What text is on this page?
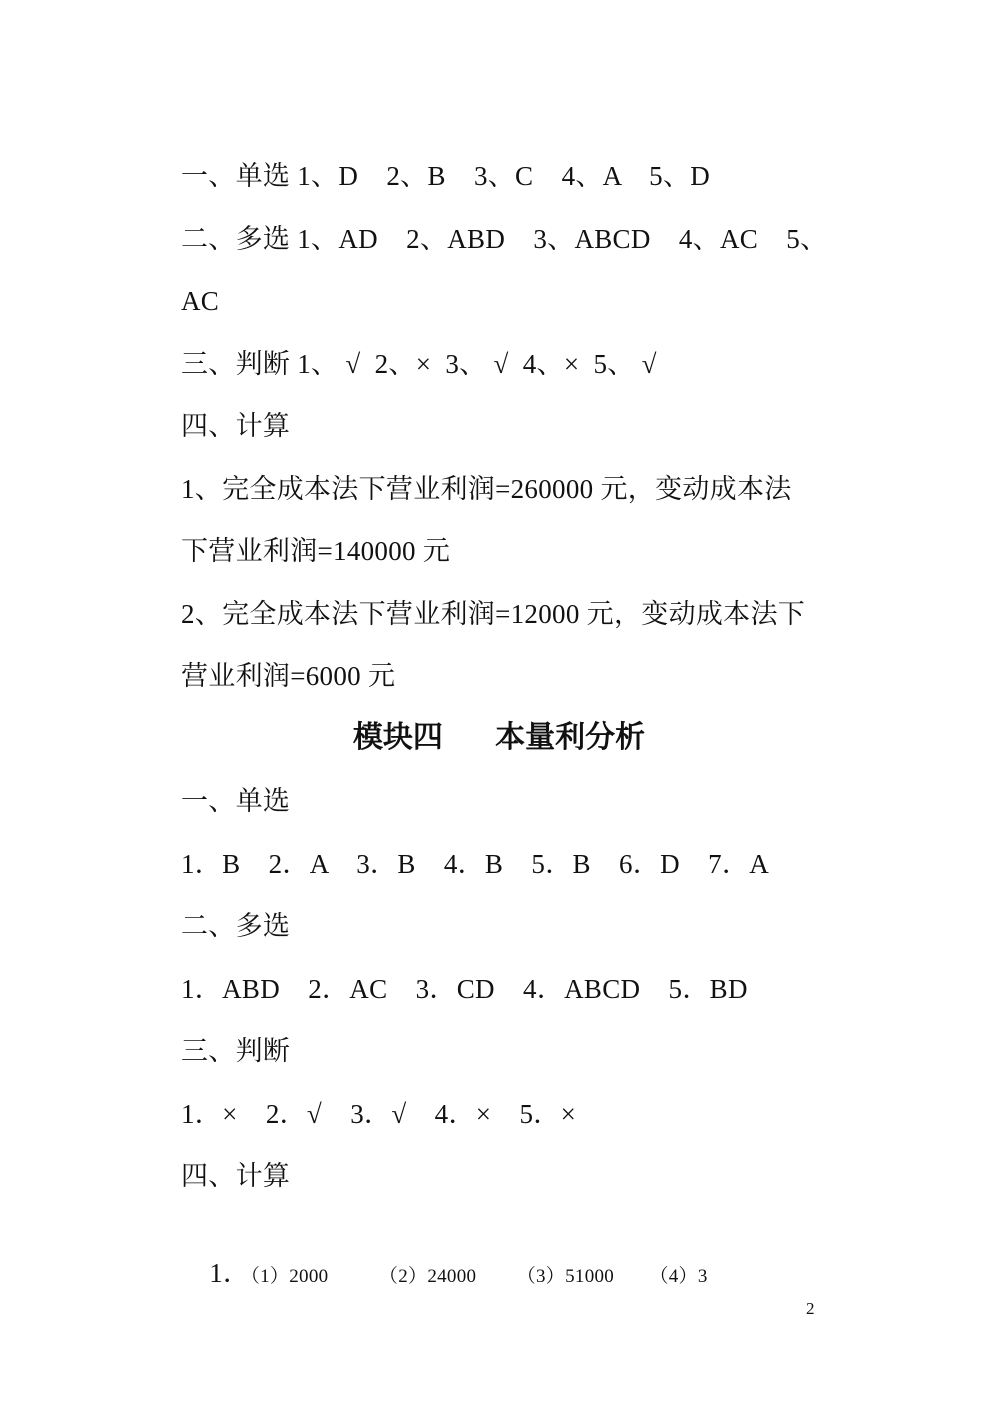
一、单选 1、D    2、B    3、C    4、A    5、D
二、多选 1、AD    2、ABD    3、ABCD    4、AC    5、
AC
三、判断 1、 √  2、×  3、 √  4、×  5、 √
四、计算
1、完全成本法下营业利润=260000 元，变动成本法
下营业利润=140000 元
2、完全成本法下营业利润=12000 元，变动成本法下
营业利润=6000 元
模块四     本量利分析
一、单选
1．B    2．A    3．B    4．B    5．B    6．D    7．A
二、多选
1．ABD    2．AC    3．CD    4．ABCD    5．BD
三、判断
1．×    2．√    3．√    4．×    5．×
四、计算

1．（1）2000          （2）24000        （3）51000       （4）3

2
